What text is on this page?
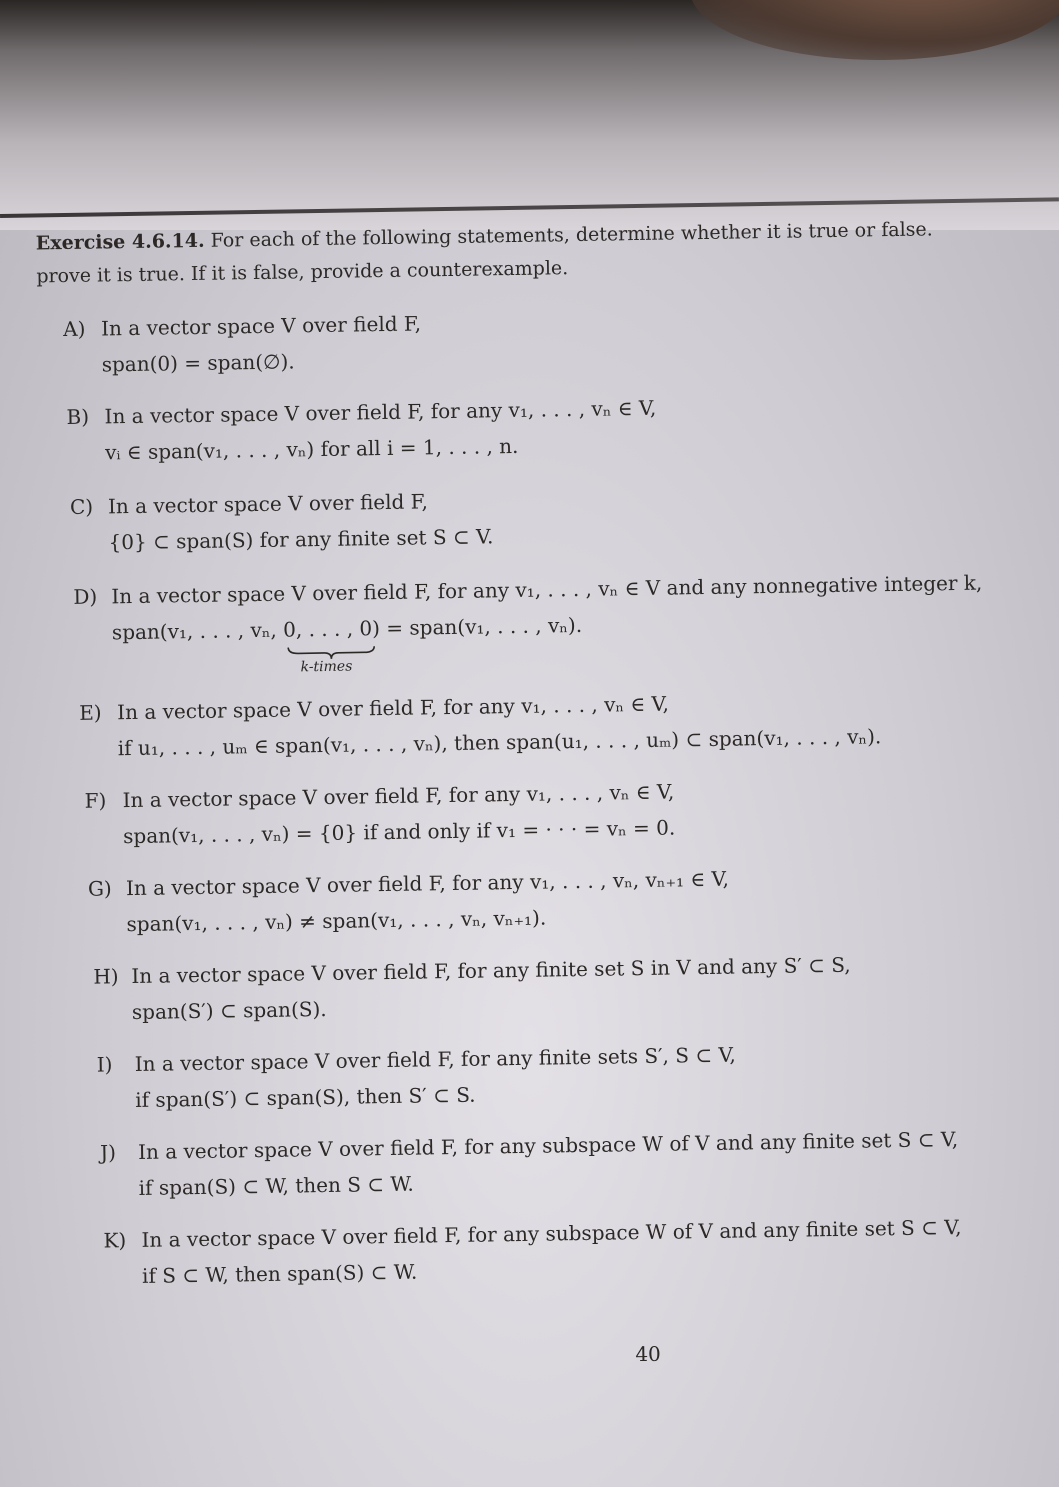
Exercise 4.6.14. For each of the following statements, determine whether it is true or false.
prove it is true. If it is false, provide a counterexample.
A) In a vector space V over field F,
span(0) = span(∅).
B) In a vector space V over field F, for any v₁, . . . , vₙ ∈ V,
vᵢ ∈ span(v₁, . . . , vₙ) for all i = 1, . . . , n.
C) In a vector space V over field F,
{0} ⊂ span(S) for any finite set S ⊂ V.
D) In a vector space V over field F, for any v₁, . . . , vₙ ∈ V and any nonnegative integer k,
span(v₁, . . . , vₙ, 0, . . . , 0) = span(v₁, . . . , vₙ).
k-times
E) In a vector space V over field F, for any v₁, . . . , vₙ ∈ V,
if u₁, . . . , uₘ ∈ span(v₁, . . . , vₙ), then span(u₁, . . . , uₘ) ⊂ span(v₁, . . . , vₙ).
F) In a vector space V over field F, for any v₁, . . . , vₙ ∈ V,
span(v₁, . . . , vₙ) = {0} if and only if v₁ = · · · = vₙ = 0.
G) In a vector space V over field F, for any v₁, . . . , vₙ, vₙ₊₁ ∈ V,
span(v₁, . . . , vₙ) ≠ span(v₁, . . . , vₙ, vₙ₊₁).
H) In a vector space V over field F, for any finite set S in V and any S′ ⊂ S,
span(S′) ⊂ span(S).
I) In a vector space V over field F, for any finite sets S′, S ⊂ V,
if span(S′) ⊂ span(S), then S′ ⊂ S.
J) In a vector space V over field F, for any subspace W of V and any finite set S ⊂ V,
if span(S) ⊂ W, then S ⊂ W.
K) In a vector space V over field F, for any subspace W of V and any finite set S ⊂ V,
if S ⊂ W, then span(S) ⊂ W.
40
